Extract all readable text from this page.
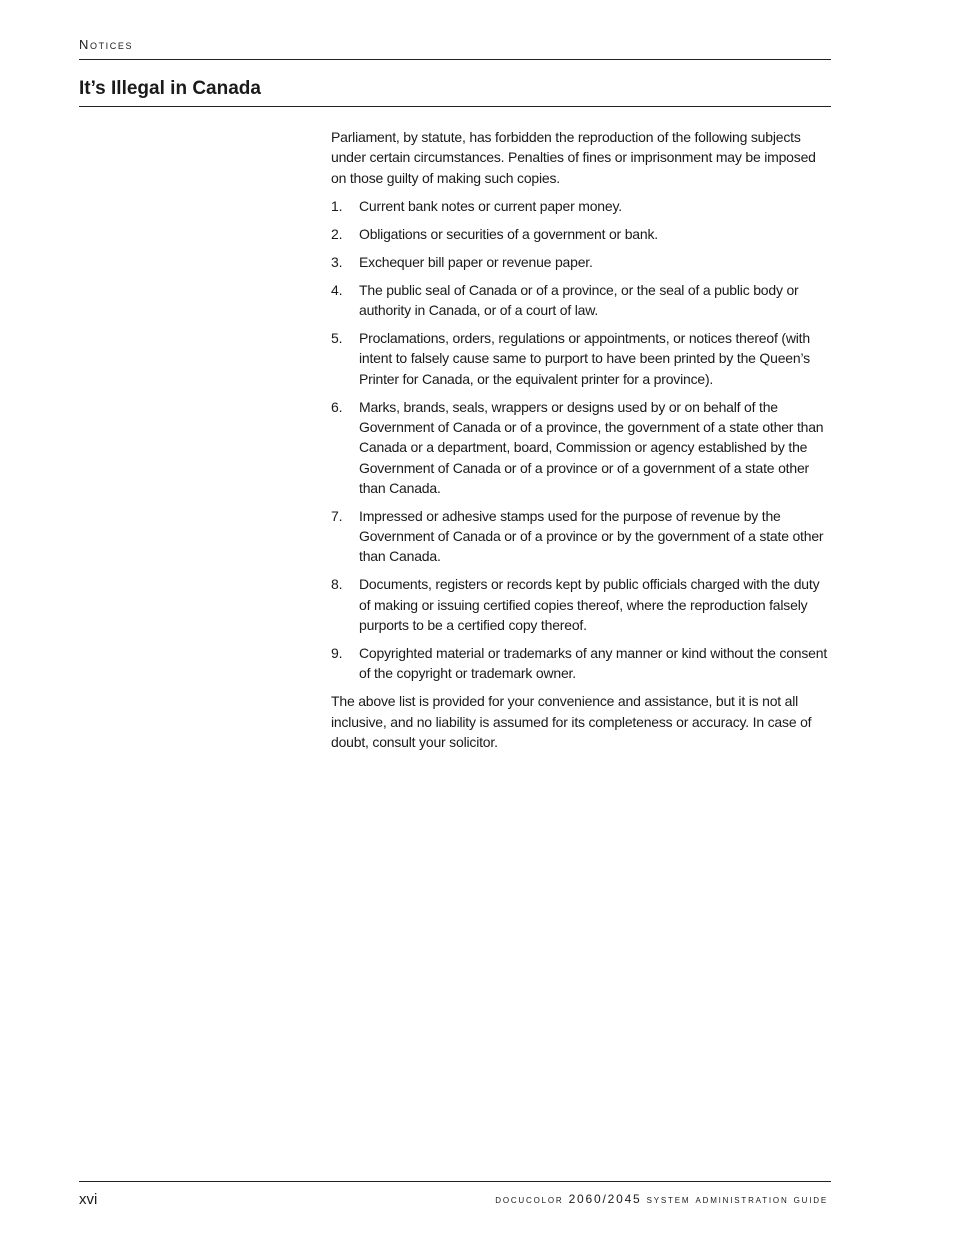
Notices
It’s Illegal in Canada

Parliament, by statute, has forbidden the reproduction of the following subjects under certain circumstances. Penalties of fines or imprisonment may be imposed on those guilty of making such copies.

1. Current bank notes or current paper money.
2. Obligations or securities of a government or bank.
3. Exchequer bill paper or revenue paper.
4. The public seal of Canada or of a province, or the seal of a public body or authority in Canada, or of a court of law.
5. Proclamations, orders, regulations or appointments, or notices thereof (with intent to falsely cause same to purport to have been printed by the Queen’s Printer for Canada, or the equivalent printer for a province).
6. Marks, brands, seals, wrappers or designs used by or on behalf of the Government of Canada or of a province, the government of a state other than Canada or a department, board, Commission or agency established by the Government of Canada or of a province or of a government of a state other than Canada.
7. Impressed or adhesive stamps used for the purpose of revenue by the Government of Canada or of a province or by the government of a state other than Canada.
8. Documents, registers or records kept by public officials charged with the duty of making or issuing certified copies thereof, where the reproduction falsely purports to be a certified copy thereof.
9. Copyrighted material or trademarks of any manner or kind without the consent of the copyright or trademark owner.

The above list is provided for your convenience and assistance, but it is not all inclusive, and no liability is assumed for its completeness or accuracy. In case of doubt, consult your solicitor.

xvi	docucolor 2060/2045 system administration guide
